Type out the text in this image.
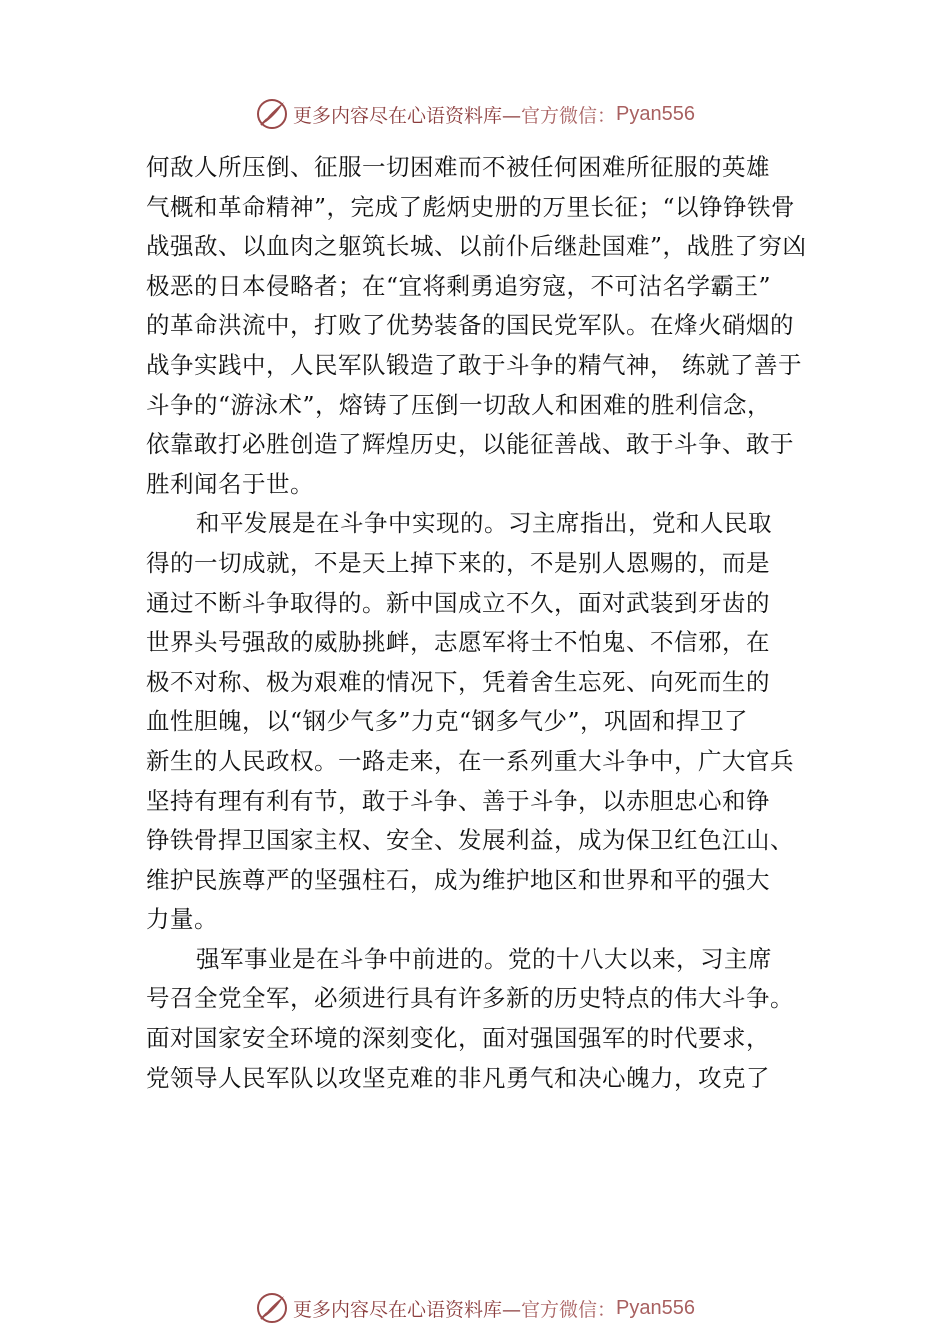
更多内容尽在心语资料库— 官方微信： Pyan556

何敌人所压倒、征服一切困难而不被任何困难所征服的英雄
气概和革命精神”，完成了彪炳史册的万里长征；“以铮铮铁骨
战强敌、以血肉之躯筑长城、以前仆后继赴国难”，战胜了穷凶
极恶的日本侵略者；在“宜将剩勇追穷寇，不可沽名学霸王”
的革命洪流中，打败了优势装备的国民党军队。在烽火硝烟的
战争实践中，人民军队锻造了敢于斗争的精气神， 练就了善于
斗争的“游泳术”，熔铸了压倒一切敌人和困难的胜利信念，
依靠敢打必胜创造了辉煌历史，以能征善战、敢于斗争、敢于
胜利闻名于世。

和平发展是在斗争中实现的。习主席指出，党和人民取
得的一切成就，不是天上掉下来的，不是别人恩赐的，而是
通过不断斗争取得的。新中国成立不久，面对武装到牙齿的
世界头号强敌的威胁挑衅，志愿军将士不怕鬼、不信邪，在
极不对称、极为艰难的情况下，凭着舍生忘死、向死而生的
血性胆魄，以“钢少气多”力克“钢多气少”，巩固和捍卫了
新生的人民政权。一路走来，在一系列重大斗争中，广大官兵
坚持有理有利有节，敢于斗争、善于斗争，以赤胆忠心和铮
铮铁骨捍卫国家主权、安全、发展利益，成为保卫红色江山、
维护民族尊严的坚强柱石，成为维护地区和世界和平的强大
力量。

强军事业是在斗争中前进的。党的十八大以来，习主席
号召全党全军，必须进行具有许多新的历史特点的伟大斗争。
面对国家安全环境的深刻变化，面对强国强军的时代要求，
党领导人民军队以攻坚克难的非凡勇气和决心魄力，攻克了

更多内容尽在心语资料库— 官方微信： Pyan556
